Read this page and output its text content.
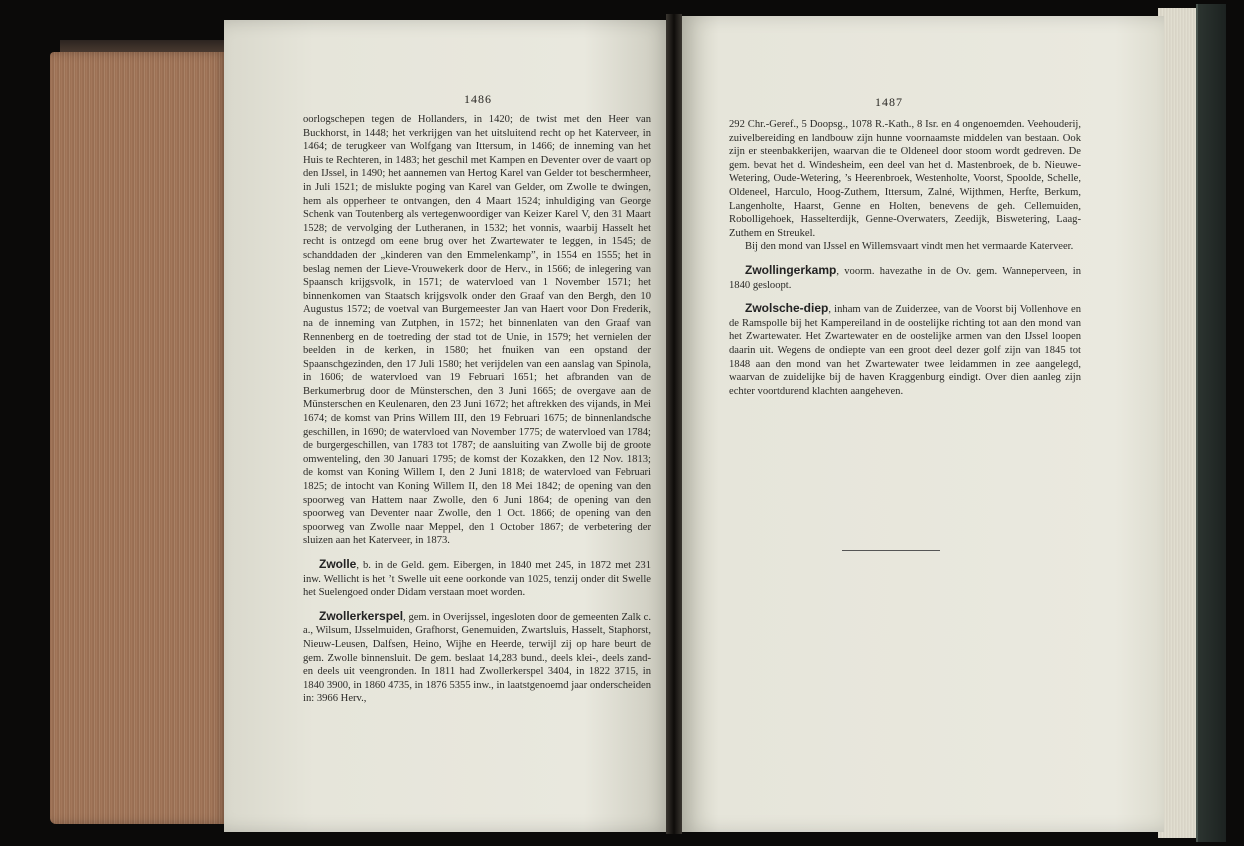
1486

oorlogschepen tegen de Hollanders, in 1420; de twist met den Heer van Buckhorst, in 1448; het verkrijgen van het uitsluitend recht op het Katerveer, in 1464; de terugkeer van Wolfgang van Ittersum, in 1466; de inneming van het Huis te Rechteren, in 1483; het geschil met Kampen en Deventer over de vaart op den IJssel, in 1490; het aannemen van Hertog Karel van Gelder tot beschermheer, in Juli 1521; de mislukte poging van Karel van Gelder, om Zwolle te dwingen, hem als opperheer te ontvangen, den 4 Maart 1524; inhuldiging van George Schenk van Toutenberg als vertegenwoordiger van Keizer Karel V, den 31 Maart 1528; de vervolging der Lutheranen, in 1532; het vonnis, waarbij Hasselt het recht is ontzegd om eene brug over het Zwartewater te leggen, in 1545; de schanddaden der „kinderen van den Emmelenkamp”, in 1554 en 1555; het in beslag nemen der Lieve-Vrouwekerk door de Herv., in 1566; de inlegering van Spaansch krijgsvolk, in 1571; de watervloed van 1 November 1571; het binnenkomen van Staatsch krijgsvolk onder den Graaf van den Bergh, den 10 Augustus 1572; de voetval van Burgemeester Jan van Haert voor Don Frederik, na de inneming van Zutphen, in 1572; het binnenlaten van den Graaf van Rennenberg en de toetreding der stad tot de Unie, in 1579; het vernielen der beelden in de kerken, in 1580; het fnuiken van een opstand der Spaanschgezinden, den 17 Juli 1580; het verijdelen van een aanslag van Spinola, in 1606; de watervloed van 19 Februari 1651; het afbranden van de Berkumerbrug door de Münsterschen, den 3 Juni 1665; de overgave aan de Münsterschen en Keulenaren, den 23 Juni 1672; het aftrekken des vijands, in Mei 1674; de komst van Prins Willem III, den 19 Februari 1675; de binnenlandsche geschillen, in 1690; de watervloed van November 1775; de watervloed van 1784; de burgergeschillen, van 1783 tot 1787; de aansluiting van Zwolle bij de groote omwenteling, den 30 Januari 1795; de komst der Kozakken, den 12 Nov. 1813; de komst van Koning Willem I, den 2 Juni 1818; de watervloed van Februari 1825; de intocht van Koning Willem II, den 18 Mei 1842; de opening van den spoorweg van Hattem naar Zwolle, den 6 Juni 1864; de opening van den spoorweg van Deventer naar Zwolle, den 1 Oct. 1866; de opening van den spoorweg van Zwolle naar Meppel, den 1 October 1867; de verbetering der sluizen aan het Katerveer, in 1873.

Zwolle, b. in de Geld. gem. Eibergen, in 1840 met 245, in 1872 met 231 inw. Wellicht is het ’t Swelle uit eene oorkonde van 1025, tenzij onder dit Swelle het Suelengoed onder Didam verstaan moet worden.

Zwollerkerspel, gem. in Overijssel, ingesloten door de gemeenten Zalk c. a., Wilsum, IJsselmuiden, Grafhorst, Genemuiden, Zwartsluis, Hasselt, Staphorst, Nieuw-Leusen, Dalfsen, Heino, Wijhe en Heerde, terwijl zij op hare beurt de gem. Zwolle binnensluit. De gem. beslaat 14,283 bund., deels klei-, deels zand- en deels uit veengronden. In 1811 had Zwollerkerspel 3404, in 1822 3715, in 1840 3900, in 1860 4735, in 1876 5355 inw., in laatstgenoemd jaar onderscheiden in: 3966 Herv.,

1487

292 Chr.-Geref., 5 Doopsg., 1078 R.-Kath., 8 Isr. en 4 ongenoemden. Veehouderij, zuivelbereiding en landbouw zijn hunne voornaamste middelen van bestaan. Ook zijn er steenbakkerijen, waarvan die te Oldeneel door stoom wordt gedreven. De gem. bevat het d. Windesheim, een deel van het d. Mastenbroek, de b. Nieuwe-Wetering, Oude-Wetering, ’s Heerenbroek, Westenholte, Voorst, Spoolde, Schelle, Oldeneel, Harculo, Hoog-Zuthem, Ittersum, Zalné, Wijthmen, Herfte, Berkum, Langenholte, Haarst, Genne en Holten, benevens de geh. Cellemuiden, Robolligehoek, Hasselterdijk, Genne-Overwaters, Zeedijk, Biswetering, Laag-Zuthem en Streukel.

Bij den mond van IJssel en Willemsvaart vindt men het vermaarde Katerveer.

Zwollingerkamp, voorm. havezathe in de Ov. gem. Wanneperveen, in 1840 gesloopt.

Zwolsche-diep, inham van de Zuiderzee, van de Voorst bij Vollenhove en de Ramspolle bij het Kampereiland in de oostelijke richting tot aan den mond van het Zwartewater. Het Zwartewater en de oostelijke armen van den IJssel loopen daarin uit. Wegens de ondiepte van een groot deel dezer golf zijn van 1845 tot 1848 aan den mond van het Zwartewater twee leidammen in zee aangelegd, waarvan de zuidelijke bij de haven Kraggenburg eindigt. Over dien aanleg zijn echter voortdurend klachten aangeheven.
